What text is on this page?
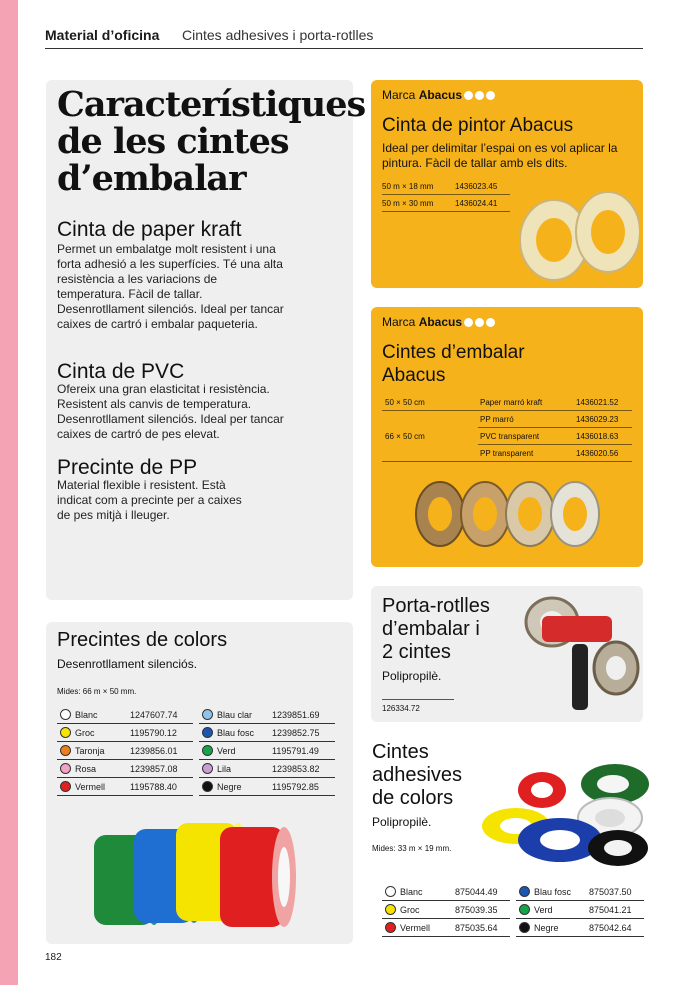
Material d’oficina Cintes adhesives i porta-rotlles
Característiques de les cintes d’embalar
Cinta de paper kraft
Permet un embalatge molt resistent i una forta adhesió a les superfícies. Té una alta resistència a les variacions de temperatura. Fàcil de tallar. Desenrotllament silenciós. Ideal per tancar caixes de cartró i embalar paqueteria.
Cinta de PVC
Ofereix una gran elasticitat i resistència. Resistent als canvis de temperatura. Desenrotllament silenciós. Ideal per tancar caixes de cartró de pes elevat.
Precinte de PP
Material flexible i resistent. Està indicat com a precinte per a caixes de pes mitjà i lleuger.
Marca Abacus
Cinta de pintor Abacus
Ideal per delimitar l’espai on es vol aplicar la pintura. Fàcil de tallar amb els dits.
50 m × 18 mm	1436023.45
50 m × 30 mm	1436024.41
Marca Abacus
Cintes d’embalar
Abacus
50 × 50 cm	Paper marró kraft	1436021.52
PP marró	1436029.23
66 × 50 cm	PVC transparent	1436018.63
PP transparent	1436020.56
Precintes de colors
Desenrotllament silenciós.
Mides: 66 m × 50 mm.
Blanc	1247607.74		Blau clar	1239851.69
Groc	1195790.12		Blau fosc	1239852.75
Taronja	1239856.01		Verd	1195791.49
Rosa	1239857.08		Lila	1239853.82
Vermell	1195788.40		Negre	1195792.85
Porta-rotlles
d’embalar i
2 cintes
Polipropilè.
126334.72
Cintes
adhesives
de colors
Polipropilè.
Mides: 33 m × 19 mm.
Blanc	875044.49		Blau fosc	875037.50
Groc	875039.35		Verd	875041.21
Vermell	875035.64		Negre	875042.64
182
